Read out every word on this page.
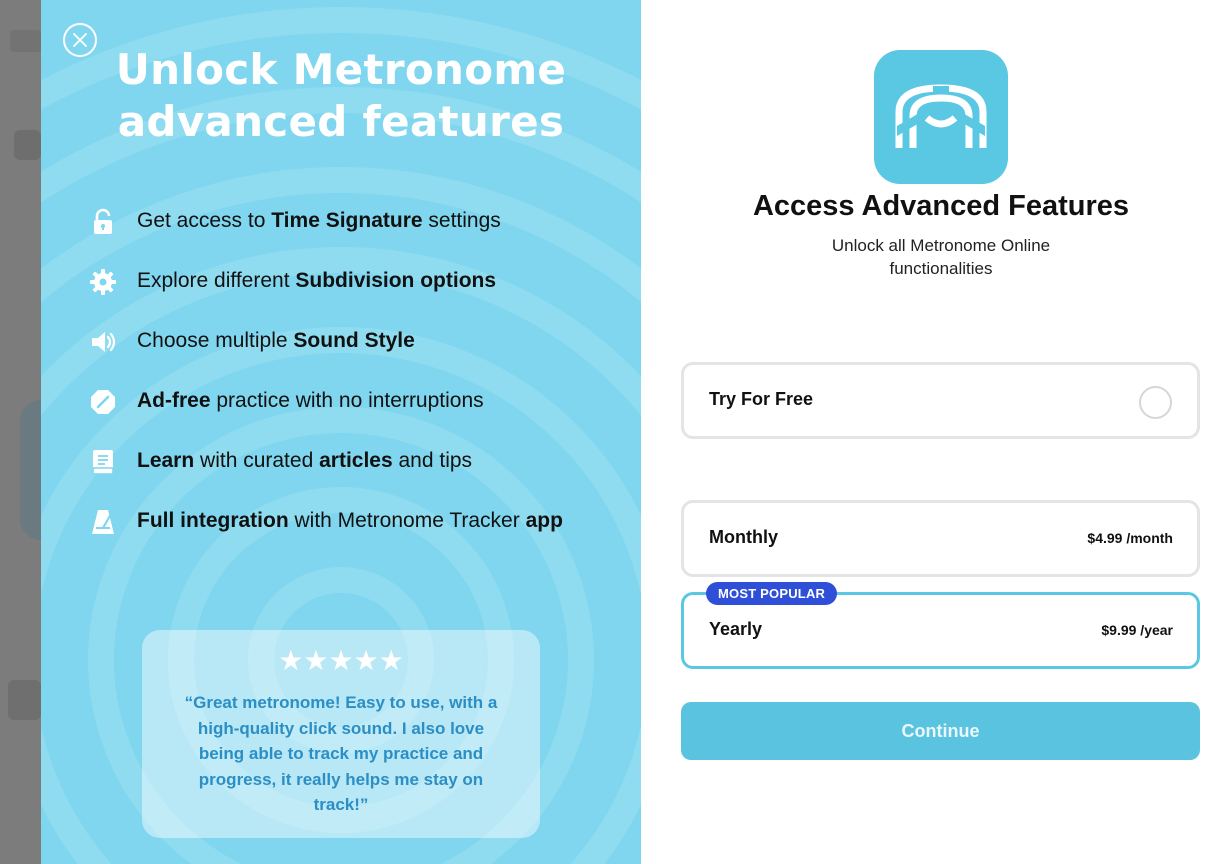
Unlock Metronome
advanced features
Get access to Time Signature settings
Explore different Subdivision options
Choose multiple Sound Style
Ad-free practice with no interruptions
Learn with curated articles and tips
Full integration with Metronome Tracker app
★★★★★
“Great metronome! Easy to use, with a high-quality click sound. I also love being able to track my practice and progress, it really helps me stay on track!”
Access Advanced Features
Unlock all Metronome Online functionalities
Try For Free
Monthly	$4.99 /month
MOST POPULAR
Yearly	$9.99 /year
Continue
